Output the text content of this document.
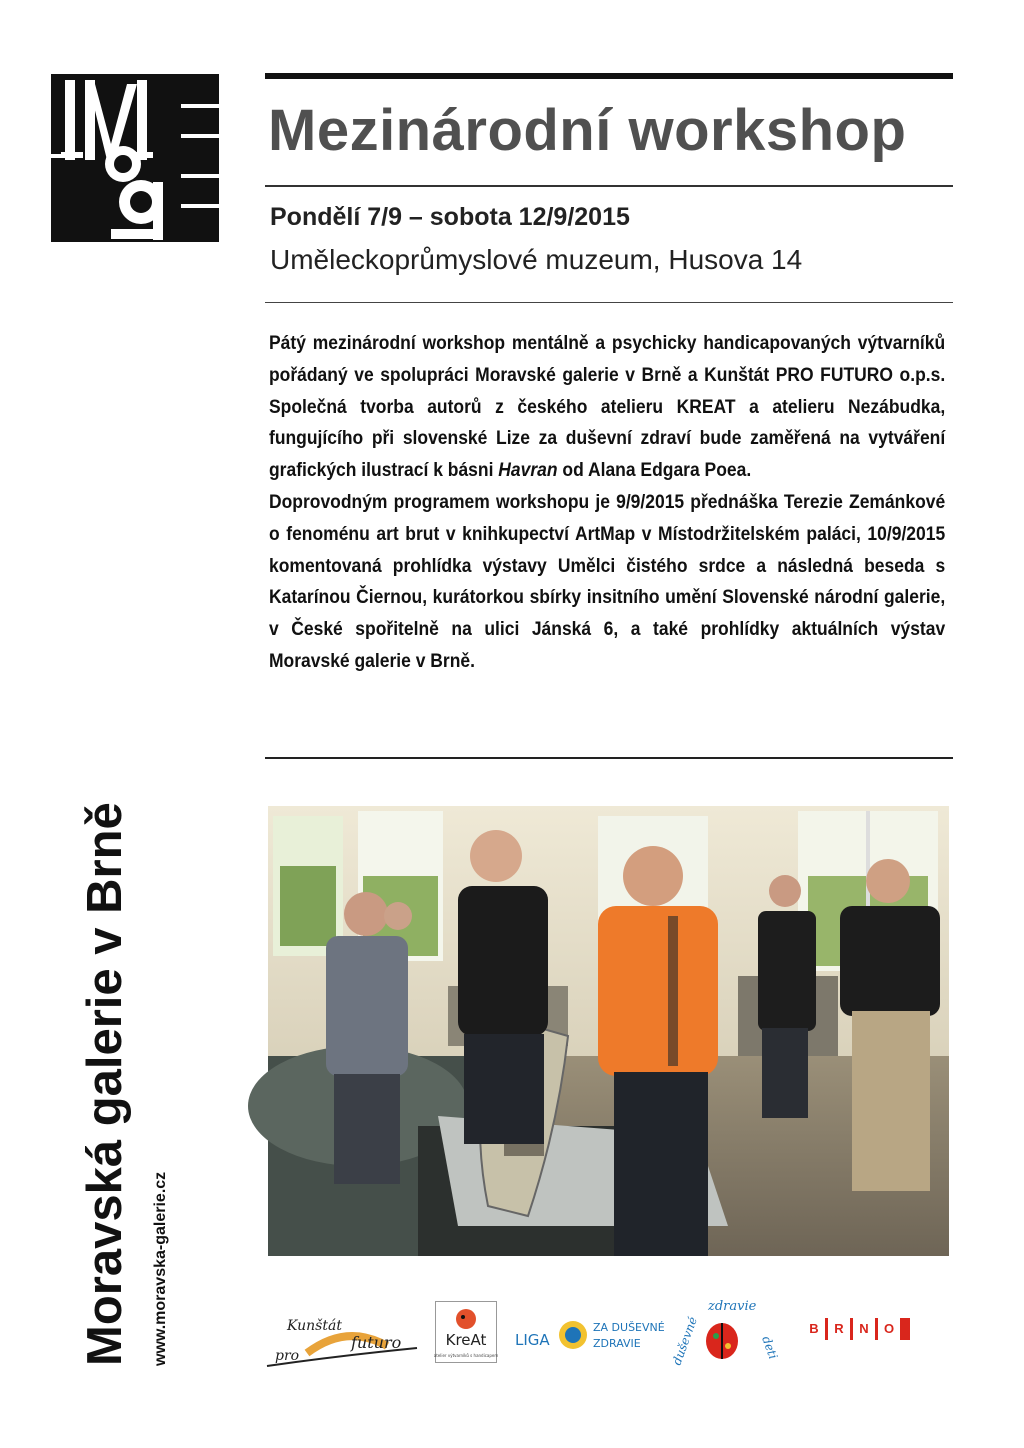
Mezinárodní workshop
Pondělí 7/9 – sobota 12/9/2015
Uměleckoprůmyslové muzeum, Husova 14

Pátý mezinárodní workshop mentálně a psychicky handicapovaných výtvarníků pořádaný ve spolupráci Moravské galerie v Brně a Kunštát PRO FUTURO o.p.s. Společná tvorba autorů z českého atelieru KREAT a atelieru Nezábudka, fungujícího při slovenské Lize za duševní zdraví bude zaměřená na vytváření grafických ilustrací k básni Havran od Alana Edgara Poea.

Doprovodným programem workshopu je 9/9/2015 přednáška Terezie Zemánkové o fenoménu art brut v knihkupectví ArtMap v Místodržitelském paláci, 10/9/2015 komentovaná prohlídka výstavy Umělci čistého srdce a následná beseda s Katarínou Čiernou, kurátorkou sbírky insitního umění Slovenské národní galerie, v České spořitelně na ulici Jánská 6, a také prohlídky aktuálních výstav Moravské galerie v Brně.

Moravská galerie v Brně www.moravska-galerie.cz	Kunštát
pro
futuro	KreAt
atelier výtvarníků s handicapem
LIGA
ZA DUŠEVNÉ
ZDRAVIE
zdravie
duševné	deti
B	R	N	O
